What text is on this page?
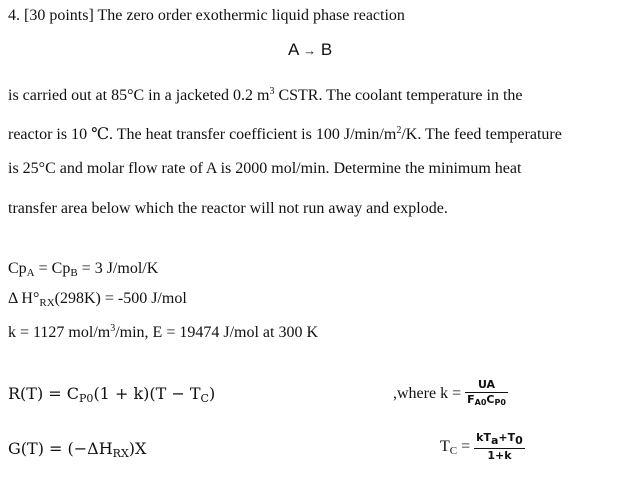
4. [30 points] The zero order exothermic liquid phase reaction
A → B
is carried out at 85°C in a jacketed 0.2 $m^3$ CSTR. The coolant temperature in the
reactor is 10 ℃. The heat transfer coefficient is 100 $J/\min/m^2/K$. The feed temperature
is 25°C and molar flow rate of A is 2000 mol/min. Determine the minimum heat
transfer area below which the reactor will not run away and explode.
CpA = CpB = 3 J/mol/K
Δ $H^\circ_{RX}(298K) = -500$ J/mol
k = 1127 mol/$m^3/\min$, E = 19474 J/mol at 300 K
$R(T) = C_{P0}(1 + k)(T - T_C)$	,where $k = \frac{UA}{F_{A0}C_{P0}}$
$G(T) = (-\Delta H_{RX})X$	$T_C = \frac{kT_a+T_0}{1+k}$
